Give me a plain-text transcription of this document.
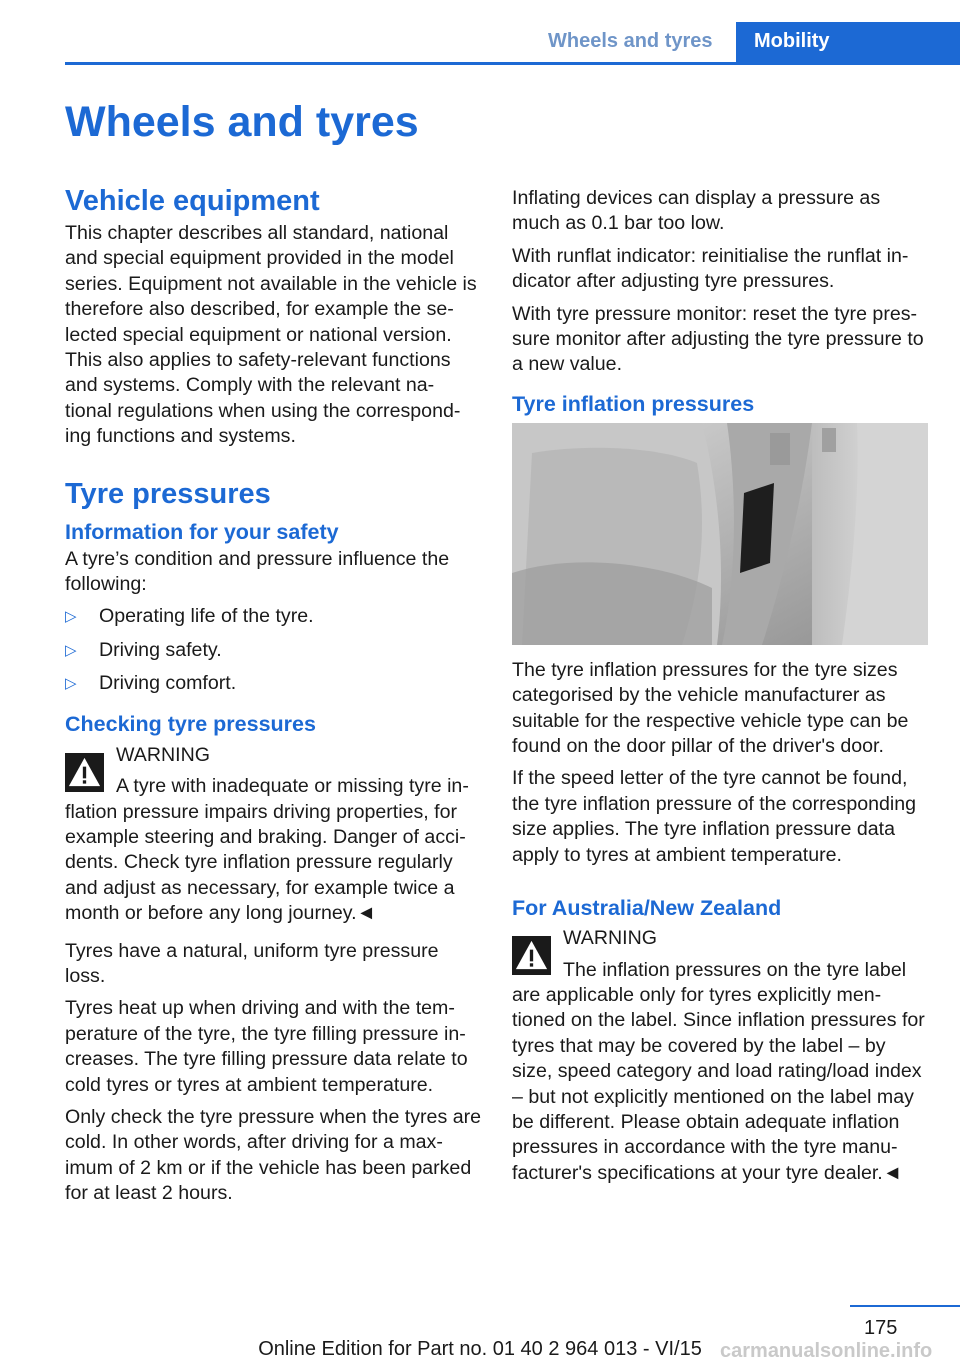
Wheels and tyres	Mobility
Wheels and tyres
Vehicle equipment

This chapter describes all standard, national and special equipment provided in the model series. Equipment not available in the vehicle is therefore also described, for example the se- lected special equipment or national version. This also applies to safety-relevant functions and systems. Comply with the relevant na- tional regulations when using the correspond- ing functions and systems.

Tyre pressures
Information for your safety

A tyre’s condition and pressure influence the following:

▷ Operating life of the tyre.
▷ Driving safety.
▷ Driving comfort.
Checking tyre pressures
WARNING
A tyre with inadequate or missing tyre in- flation pressure impairs driving properties, for example steering and braking. Danger of acci- dents. Check tyre inflation pressure regularly and adjust as necessary, for example twice a month or before any long journey.◄

Tyres have a natural, uniform tyre pressure loss.

Tyres heat up when driving and with the tem- perature of the tyre, the tyre filling pressure in- creases. The tyre filling pressure data relate to cold tyres or tyres at ambient temperature.

Only check the tyre pressure when the tyres are cold. In other words, after driving for a max- imum of 2 km or if the vehicle has been parked for at least 2 hours.

Inflating devices can display a pressure as much as 0.1 bar too low.

With runflat indicator: reinitialise the runflat in- dicator after adjusting tyre pressures.

With tyre pressure monitor: reset the tyre pres- sure monitor after adjusting the tyre pressure to a new value.

Tyre inflation pressures

The tyre inflation pressures for the tyre sizes categorised by the vehicle manufacturer as suitable for the respective vehicle type can be found on the door pillar of the driver's door.

If the speed letter of the tyre cannot be found, the tyre inflation pressure of the corresponding size applies. The tyre inflation pressure data apply to tyres at ambient temperature.

For Australia/New Zealand
WARNING
The inflation pressures on the tyre label are applicable only for tyres explicitly men- tioned on the label. Since inflation pressures for tyres that may be covered by the label – by size, speed category and load rating/load index – but not explicitly mentioned on the label may be different. Please obtain adequate inflation pressures in accordance with the tyre manu- facturer's specifications at your tyre dealer.◄
175
Online Edition for Part no. 01 40 2 964 013 - VI/15 carmanualsonline.info
